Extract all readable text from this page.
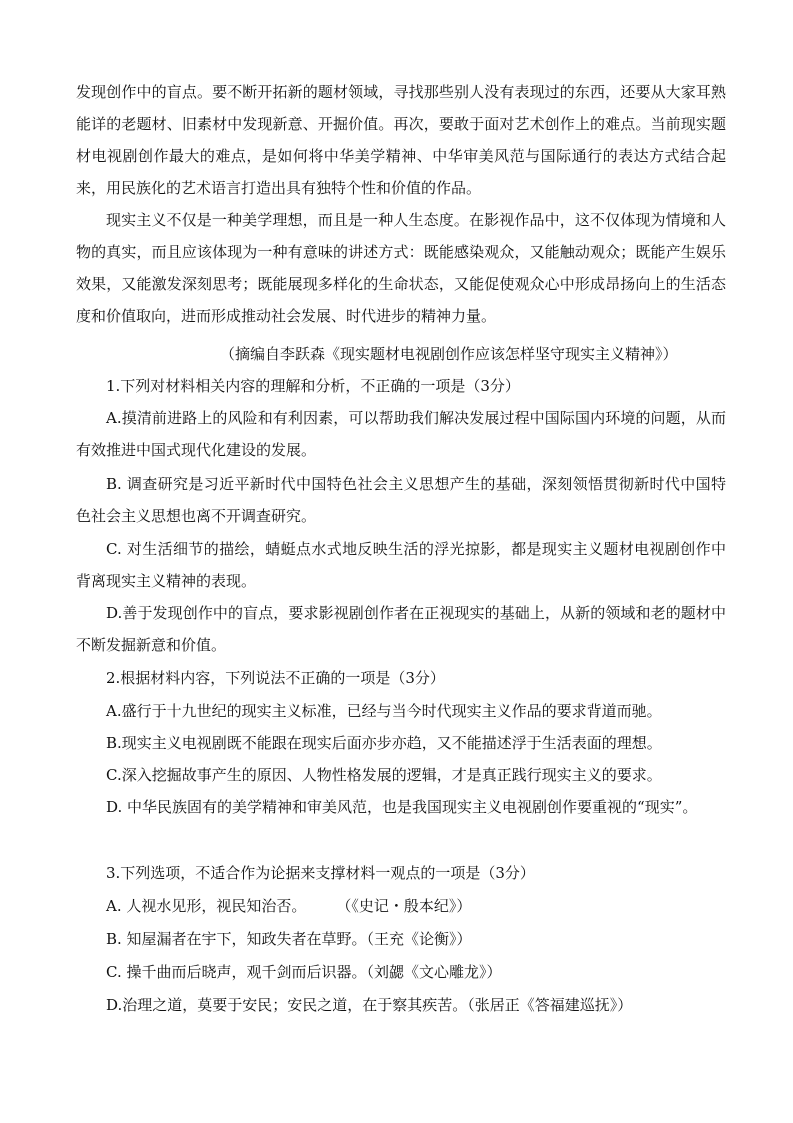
发现创作中的盲点。要不断开拓新的题材领域，寻找那些别人没有表现过的东西，还要从大家耳熟能详的老题材、旧素材中发现新意、开掘价值。再次，要敢于面对艺术创作上的难点。当前现实题材电视剧创作最大的难点，是如何将中华美学精神、中华审美风范与国际通行的表达方式结合起来，用民族化的艺术语言打造出具有独特个性和价值的作品。

现实主义不仅是一种美学理想，而且是一种人生态度。在影视作品中，这不仅体现为情境和人物的真实，而且应该体现为一种有意味的讲述方式：既能感染观众，又能触动观众；既能产生娱乐效果，又能激发深刻思考；既能展现多样化的生命状态，又能促使观众心中形成昂扬向上的生活态度和价值取向，进而形成推动社会发展、时代进步的精神力量。

（摘编自李跃森《现实题材电视剧创作应该怎样坚守现实主义精神》）
1.下列对材料相关内容的理解和分析，不正确的一项是（3分）

A.摸清前进路上的风险和有利因素，可以帮助我们解决发展过程中国际国内环境的问题，从而有效推进中国式现代化建设的发展。

B. 调查研究是习近平新时代中国特色社会主义思想产生的基础，深刻领悟贯彻新时代中国特色社会主义思想也离不开调查研究。

C. 对生活细节的描绘，蜻蜓点水式地反映生活的浮光掠影，都是现实主义题材电视剧创作中背离现实主义精神的表现。

D.善于发现创作中的盲点，要求影视剧创作者在正视现实的基础上，从新的领域和老的题材中不断发掘新意和价值。

2.根据材料内容，下列说法不正确的一项是（3分）
A.盛行于十九世纪的现实主义标准，已经与当今时代现实主义作品的要求背道而驰。
B.现实主义电视剧既不能跟在现实后面亦步亦趋，又不能描述浮于生活表面的理想。
C.深入挖掘故事产生的原因、人物性格发展的逻辑，才是真正践行现实主义的要求。

D. 中华民族固有的美学精神和审美风范，也是我国现实主义电视剧创作要重视的“现实”。

3.下列选项，不适合作为论据来支撑材料一观点的一项是（3分）
A. 人视水见形，视民知治否。　　　（《史记・殷本纪》）
B. 知屋漏者在宇下，知政失者在草野。（王充《论衡》）
C. 操千曲而后晓声，观千剑而后识器。（刘勰《文心雕龙》）
D.治理之道，莫要于安民；安民之道，在于察其疾苦。（张居正《答福建巡抚》）
